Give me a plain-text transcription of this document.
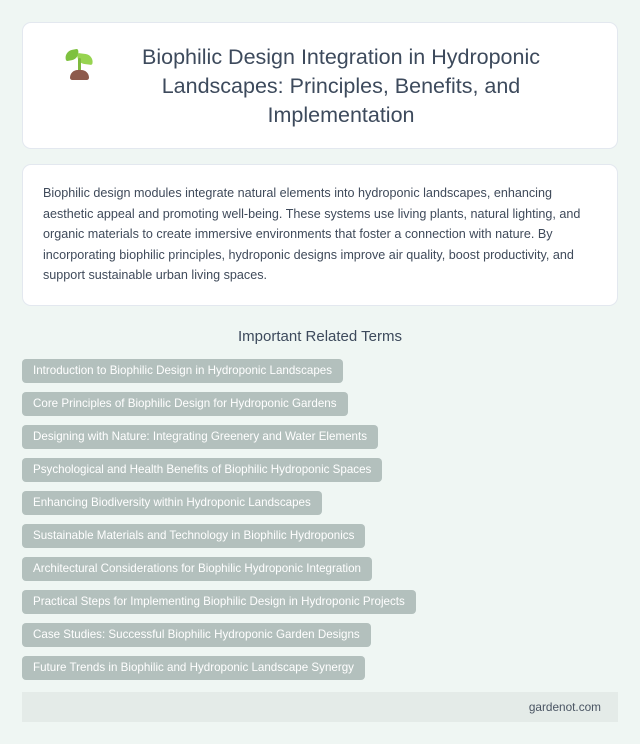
Biophilic Design Integration in Hydroponic Landscapes: Principles, Benefits, and Implementation

Biophilic design modules integrate natural elements into hydroponic landscapes, enhancing aesthetic appeal and promoting well-being. These systems use living plants, natural lighting, and organic materials to create immersive environments that foster a connection with nature. By incorporating biophilic principles, hydroponic designs improve air quality, boost productivity, and support sustainable urban living spaces.

Important Related Terms
Introduction to Biophilic Design in Hydroponic Landscapes
Core Principles of Biophilic Design for Hydroponic Gardens
Designing with Nature: Integrating Greenery and Water Elements
Psychological and Health Benefits of Biophilic Hydroponic Spaces
Enhancing Biodiversity within Hydroponic Landscapes
Sustainable Materials and Technology in Biophilic Hydroponics
Architectural Considerations for Biophilic Hydroponic Integration
Practical Steps for Implementing Biophilic Design in Hydroponic Projects
Case Studies: Successful Biophilic Hydroponic Garden Designs
Future Trends in Biophilic and Hydroponic Landscape Synergy
gardenot.com
